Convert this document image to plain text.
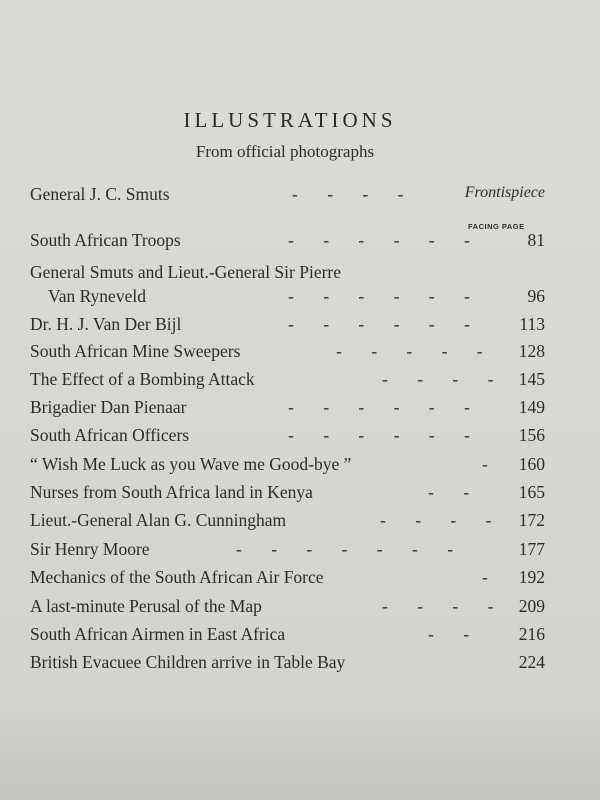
ILLUSTRATIONS
From official photographs
General J. C. Smuts	- - - -	Frontispiece
FACING PAGE
South African Troops	- - - - - -	81
General Smuts and Lieut.-General Sir Pierre
Van Ryneveld	- - - - - -	96
Dr. H. J. Van Der Bijl	- - - - - -	113
South African Mine Sweepers	- - - - - 128
The Effect of a Bombing Attack	- - - - 145
Brigadier Dan Pienaar	- - - - - -	149
South African Officers	- - - - - -	156
“ Wish Me Luck as you Wave me Good-bye ”	- 160
Nurses from South Africa land in Kenya	- -	165
Lieut.-General Alan G. Cunningham	- - - - 172
Sir Henry Moore	- - - - - - -	177
Mechanics of the South African Air Force	- 192
A last-minute Perusal of the Map	- - - - 209
South African Airmen in East Africa	- -	216
British Evacuee Children arrive in Table Bay	224
